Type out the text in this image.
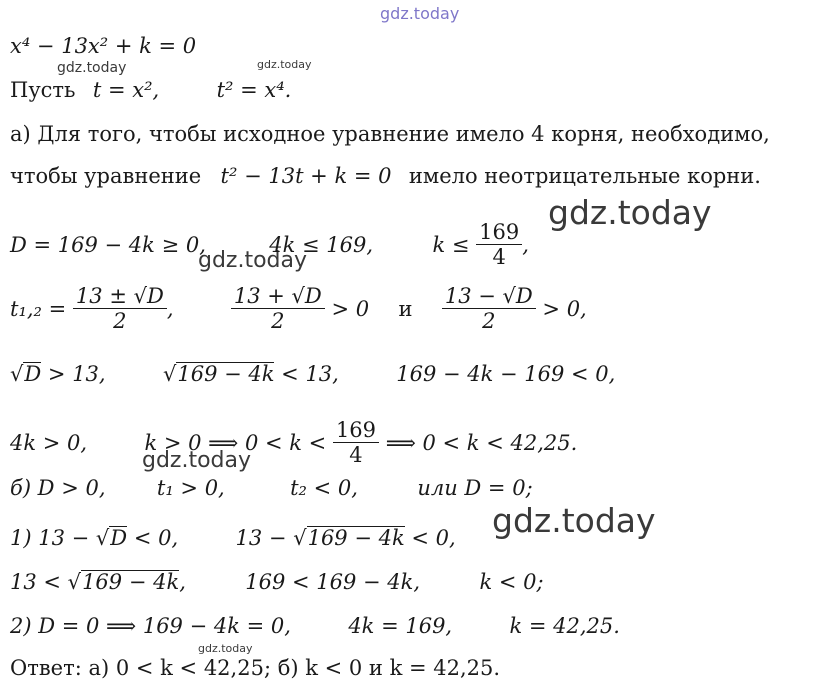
gdz.today
gdz.today	gdz.today
gdz.today
gdz.today
gdz.today
gdz.today
gdz.today
x⁴ − 13x² + k = 0
Пусть t = x²,	t² = x⁴.
а) Для того, чтобы исходное уравнение имело 4 корня, необходимо,
чтобы уравнение t² − 13t + k = 0 имело неотрицательные корни.
D = 169 − 4k ≥ 0,	4k ≤ 169,	$k \le \frac{169}{4}$ ,
$t_1,_2 = \frac{13 \pm √D}{2}$ ,	$\frac{13 + √D}{2} > 0$ и $\frac{13 - √D}{2} > 0$,
√D > 13,	√169 − 4k < 13,	169 − 4k − 169 < 0,
4k > 0,	k > 0 ⟹ $0 < k < \frac{169}{4}$ ⟹ 0 < k < 42,25.
б) D > 0, t₁ > 0,	t₂ < 0,	или D = 0;
1) 13 − √D < 0,	13 − √169 − 4k < 0,
13 < √169 − 4k,	169 < 169 − 4k,	k < 0;
2) D = 0 ⟹ 169 − 4k = 0,	4k = 169,	k = 42,25.
Ответ: а) 0 < k < 42,25; б) k < 0 и k = 42,25.
